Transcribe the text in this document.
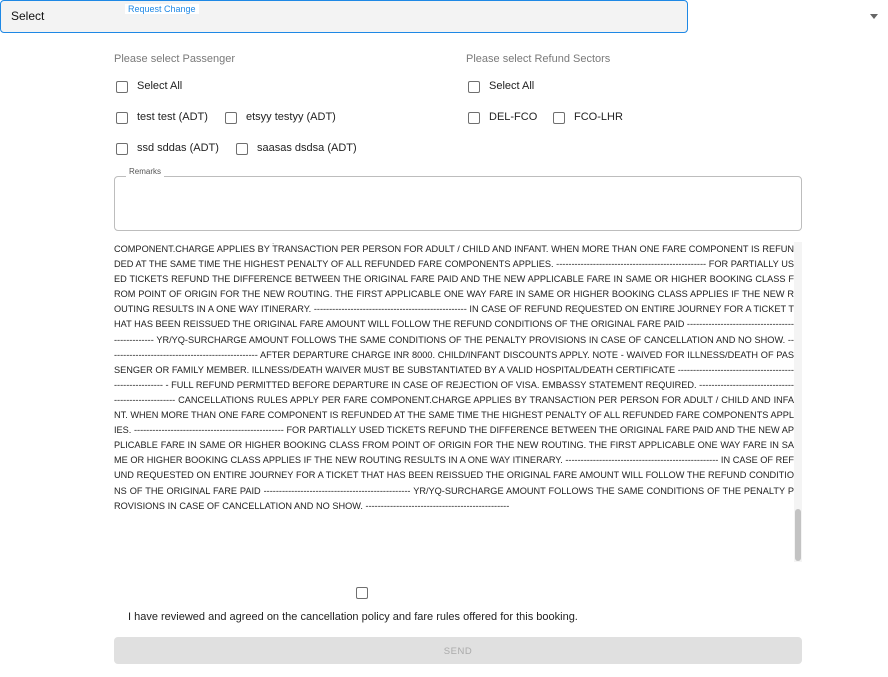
Select	Request Change
Please select Passenger
Select All
test test (ADT)	etsyy testyy (ADT)
ssd sddas (ADT)	saasas dsdsa (ADT)
Please select Refund Sectors
Select All
DEL-FCO	FCO-LHR
Remarks
.
COMPONENT.CHARGE APPLIES BY TRANSACTION PER PERSON FOR ADULT / CHILD AND INFANT. WHEN MORE THAN ONE FARE COMPONENT IS REFUNDED AT THE SAME TIME THE HIGHEST PENALTY OF ALL REFUNDED FARE COMPONENTS APPLIES. ------------------------------------------------- FOR PARTIALLY USED TICKETS REFUND THE DIFFERENCE BETWEEN THE ORIGINAL FARE PAID AND THE NEW APPLICABLE FARE IN SAME OR HIGHER BOOKING CLASS FROM POINT OF ORIGIN FOR THE NEW ROUTING. THE FIRST APPLICABLE ONE WAY FARE IN SAME OR HIGHER BOOKING CLASS APPLIES IF THE NEW ROUTING RESULTS IN A ONE WAY ITINERARY. -------------------------------------------------- IN CASE OF REFUND REQUESTED ON ENTIRE JOURNEY FOR A TICKET THAT HAS BEEN REISSUED THE ORIGINAL FARE AMOUNT WILL FOLLOW THE REFUND CONDITIONS OF THE ORIGINAL FARE PAID ------------------------------------------------ YR/YQ-SURCHARGE AMOUNT FOLLOWS THE SAME CONDITIONS OF THE PENALTY PROVISIONS IN CASE OF CANCELLATION AND NO SHOW. ------------------------------------------------- AFTER DEPARTURE CHARGE INR 8000. CHILD/INFANT DISCOUNTS APPLY. NOTE - WAIVED FOR ILLNESS/DEATH OF PASSENGER OR FAMILY MEMBER. ILLNESS/DEATH WAIVER MUST BE SUBSTANTIATED BY A VALID HOSPITAL/DEATH CERTIFICATE ------------------------------------------------------ - FULL REFUND PERMITTED BEFORE DEPARTURE IN CASE OF REJECTION OF VISA. EMBASSY STATEMENT REQUIRED. --------------------------------------------------- CANCELLATIONS RULES APPLY PER FARE COMPONENT.CHARGE APPLIES BY TRANSACTION PER PERSON FOR ADULT / CHILD AND INFANT. WHEN MORE THAN ONE FARE COMPONENT IS REFUNDED AT THE SAME TIME THE HIGHEST PENALTY OF ALL REFUNDED FARE COMPONENTS APPLIES. ------------------------------------------------- FOR PARTIALLY USED TICKETS REFUND THE DIFFERENCE BETWEEN THE ORIGINAL FARE PAID AND THE NEW APPLICABLE FARE IN SAME OR HIGHER BOOKING CLASS FROM POINT OF ORIGIN FOR THE NEW ROUTING. THE FIRST APPLICABLE ONE WAY FARE IN SAME OR HIGHER BOOKING CLASS APPLIES IF THE NEW ROUTING RESULTS IN A ONE WAY ITINERARY. -------------------------------------------------- IN CASE OF REFUND REQUESTED ON ENTIRE JOURNEY FOR A TICKET THAT HAS BEEN REISSUED THE ORIGINAL FARE AMOUNT WILL FOLLOW THE REFUND CONDITIONS OF THE ORIGINAL FARE PAID ------------------------------------------------ YR/YQ-SURCHARGE AMOUNT FOLLOWS THE SAME CONDITIONS OF THE PENALTY PROVISIONS IN CASE OF CANCELLATION AND NO SHOW. -----------------------------------------------
I have reviewed and agreed on the cancellation policy and fare rules offered for this booking.
SEND
